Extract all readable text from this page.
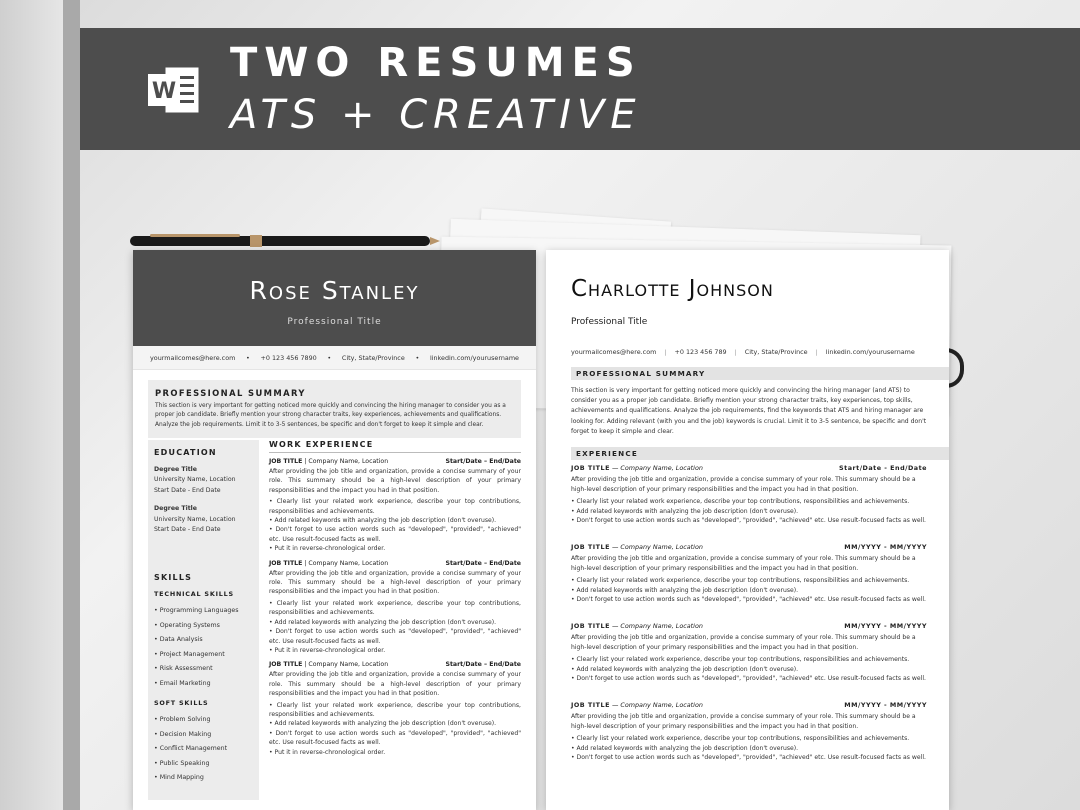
W
TWO RESUMES
ATS + CREATIVE
Rose Stanley
Professional Title
yourmailcomes@here.com • +0 123 456 7890 • City, State/Province • linkedin.com/yourusername
PROFESSIONAL SUMMARY

This section is very important for getting noticed more quickly and convincing the hiring manager to consider you as a proper job candidate. Briefly mention your strong character traits, key experiences, achievements and qualifications. Analyze the job requirements. Limit it to 3-5 sentences, be specific and don't forget to keep it simple and clear.

EDUCATION
Degree Title
University Name, Location
Start Date - End Date
Degree Title
University Name, Location
Start Date - End Date
SKILLS
TECHNICAL SKILLS
• Programming Languages
• Operating Systems
• Data Analysis
• Project Management
• Risk Assessment
• Email Marketing
SOFT SKILLS
• Problem Solving
• Decision Making
• Conflict Management
• Public Speaking
• Mind Mapping
WORK EXPERIENCE
JOB TITLE | Company Name, Location	Start/Date – End/Date

After providing the job title and organization, provide a concise summary of your role. This summary should be a high-level description of your primary responsibilities and the impact you had in that position.

• Clearly list your related work experience, describe your top contributions, responsibilities and achievements.

• Add related keywords with analyzing the job description (don't overuse).

• Don't forget to use action words such as "developed", "provided", "achieved" etc. Use result-focused facts as well.

• Put it in reverse-chronological order.

JOB TITLE | Company Name, Location	Start/Date – End/Date

After providing the job title and organization, provide a concise summary of your role. This summary should be a high-level description of your primary responsibilities and the impact you had in that position.

• Clearly list your related work experience, describe your top contributions, responsibilities and achievements.

• Add related keywords with analyzing the job description (don't overuse).

• Don't forget to use action words such as "developed", "provided", "achieved" etc. Use result-focused facts as well.

• Put it in reverse-chronological order.

JOB TITLE | Company Name, Location	Start/Date – End/Date

After providing the job title and organization, provide a concise summary of your role. This summary should be a high-level description of your primary responsibilities and the impact you had in that position.

• Clearly list your related work experience, describe your top contributions, responsibilities and achievements.

• Add related keywords with analyzing the job description (don't overuse).

• Don't forget to use action words such as "developed", "provided", "achieved" etc. Use result-focused facts as well.

• Put it in reverse-chronological order.

Charlotte Johnson
Professional Title
yourmailcomes@here.com | +0 123 456 789 | City, State/Province | linkedin.com/yourusername
PROFESSIONAL SUMMARY
This section is very important for getting noticed more quickly and convincing the hiring manager (and ATS) to consider you as a proper job candidate. Briefly mention your strong character traits, key experiences, top skills, achievements and qualifications. Analyze the job requirements, find the keywords that ATS and hiring manager are looking for. Adding relevant (with you and the job) keywords is crucial. Limit it to 3-5 sentence, be specific and don't forget to keep it simple and clear.
EXPERIENCE
JOB TITLE — Company Name, Location	Start/Date - End/Date

After providing the job title and organization, provide a concise summary of your role. This summary should be a high-level description of your primary responsibilities and the impact you had in that position.

• Clearly list your related work experience, describe your top contributions, responsibilities and achievements.

• Add related keywords with analyzing the job description (don't overuse).

• Don't forget to use action words such as "developed", "provided", "achieved" etc. Use result-focused facts as well.

JOB TITLE — Company Name, Location	MM/YYYY - MM/YYYY

After providing the job title and organization, provide a concise summary of your role. This summary should be a high-level description of your primary responsibilities and the impact you had in that position.

• Clearly list your related work experience, describe your top contributions, responsibilities and achievements.

• Add related keywords with analyzing the job description (don't overuse).

• Don't forget to use action words such as "developed", "provided", "achieved" etc. Use result-focused facts as well.

JOB TITLE — Company Name, Location	MM/YYYY - MM/YYYY

After providing the job title and organization, provide a concise summary of your role. This summary should be a high-level description of your primary responsibilities and the impact you had in that position.

• Clearly list your related work experience, describe your top contributions, responsibilities and achievements.

• Add related keywords with analyzing the job description (don't overuse).

• Don't forget to use action words such as "developed", "provided", "achieved" etc. Use result-focused facts as well.

JOB TITLE — Company Name, Location	MM/YYYY - MM/YYYY

After providing the job title and organization, provide a concise summary of your role. This summary should be a high-level description of your primary responsibilities and the impact you had in that position.

• Clearly list your related work experience, describe your top contributions, responsibilities and achievements.

• Add related keywords with analyzing the job description (don't overuse).

• Don't forget to use action words such as "developed", "provided", "achieved" etc. Use result-focused facts as well.
